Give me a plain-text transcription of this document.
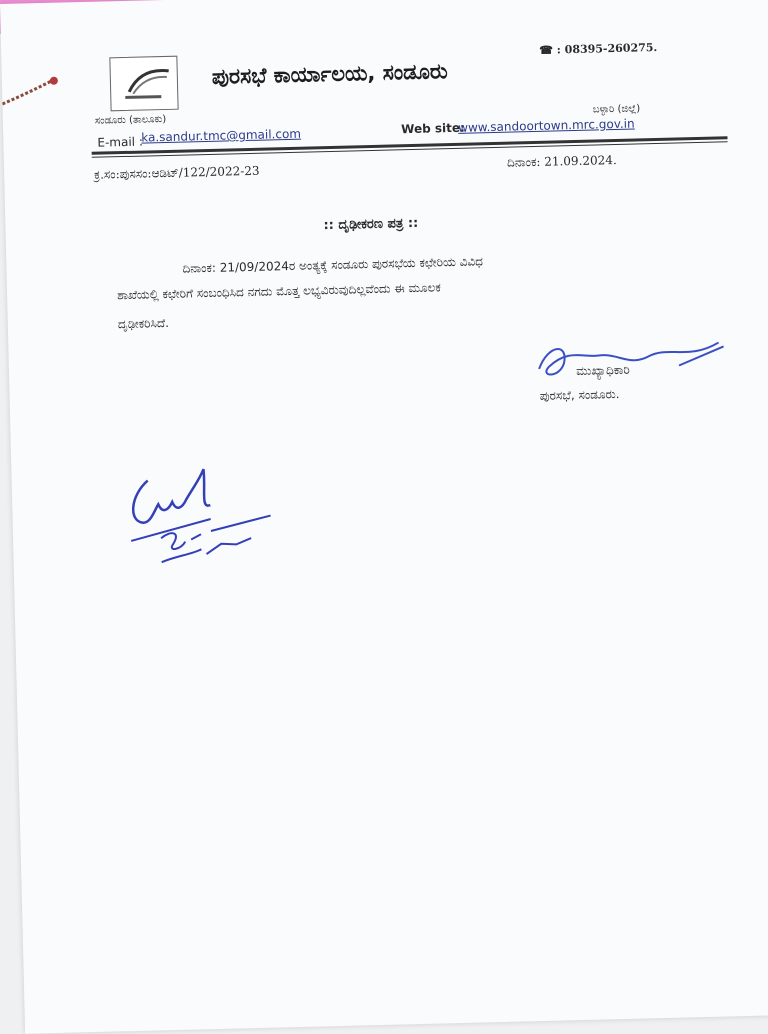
☎ : 08395-260275.
ಪುರಸಭೆ ಕಾರ್ಯಾಲಯ, ಸಂಡೂರು
ಸಂಡೂರು (ತಾಲೂಕು)
ಬಳ್ಳಾರಿ (ಜಿಲ್ಲೆ)
E-mail :
ka.sandur.tmc@gmail.com	Web site:
www.sandoortown.mrc.gov.in
ಕ್ರ.ಸಂ:ಪುಸಸಂ:ಆಡಿಟ್/122/2022-23
ದಿನಾಂಕ: 21.09.2024.
:: ದೃಢೀಕರಣ ಪತ್ರ ::
ದಿನಾಂಕ: 21/09/2024ರ ಅಂತ್ಯಕ್ಕೆ ಸಂಡೂರು ಪುರಸಭೆಯ ಕಛೇರಿಯ ವಿವಿಧ
ಶಾಖೆಯಲ್ಲಿ ಕಛೇರಿಗೆ ಸಂಬಂಧಿಸಿದ ನಗದು ಮೊತ್ತ ಲಭ್ಯವಿರುವುದಿಲ್ಲವೆಂದು ಈ ಮೂಲಕ
ದೃಢೀಕರಿಸಿದೆ.
ಮುಖ್ಯಾಧಿಕಾರಿ
ಪುರಸಭೆ, ಸಂಡೂರು.
